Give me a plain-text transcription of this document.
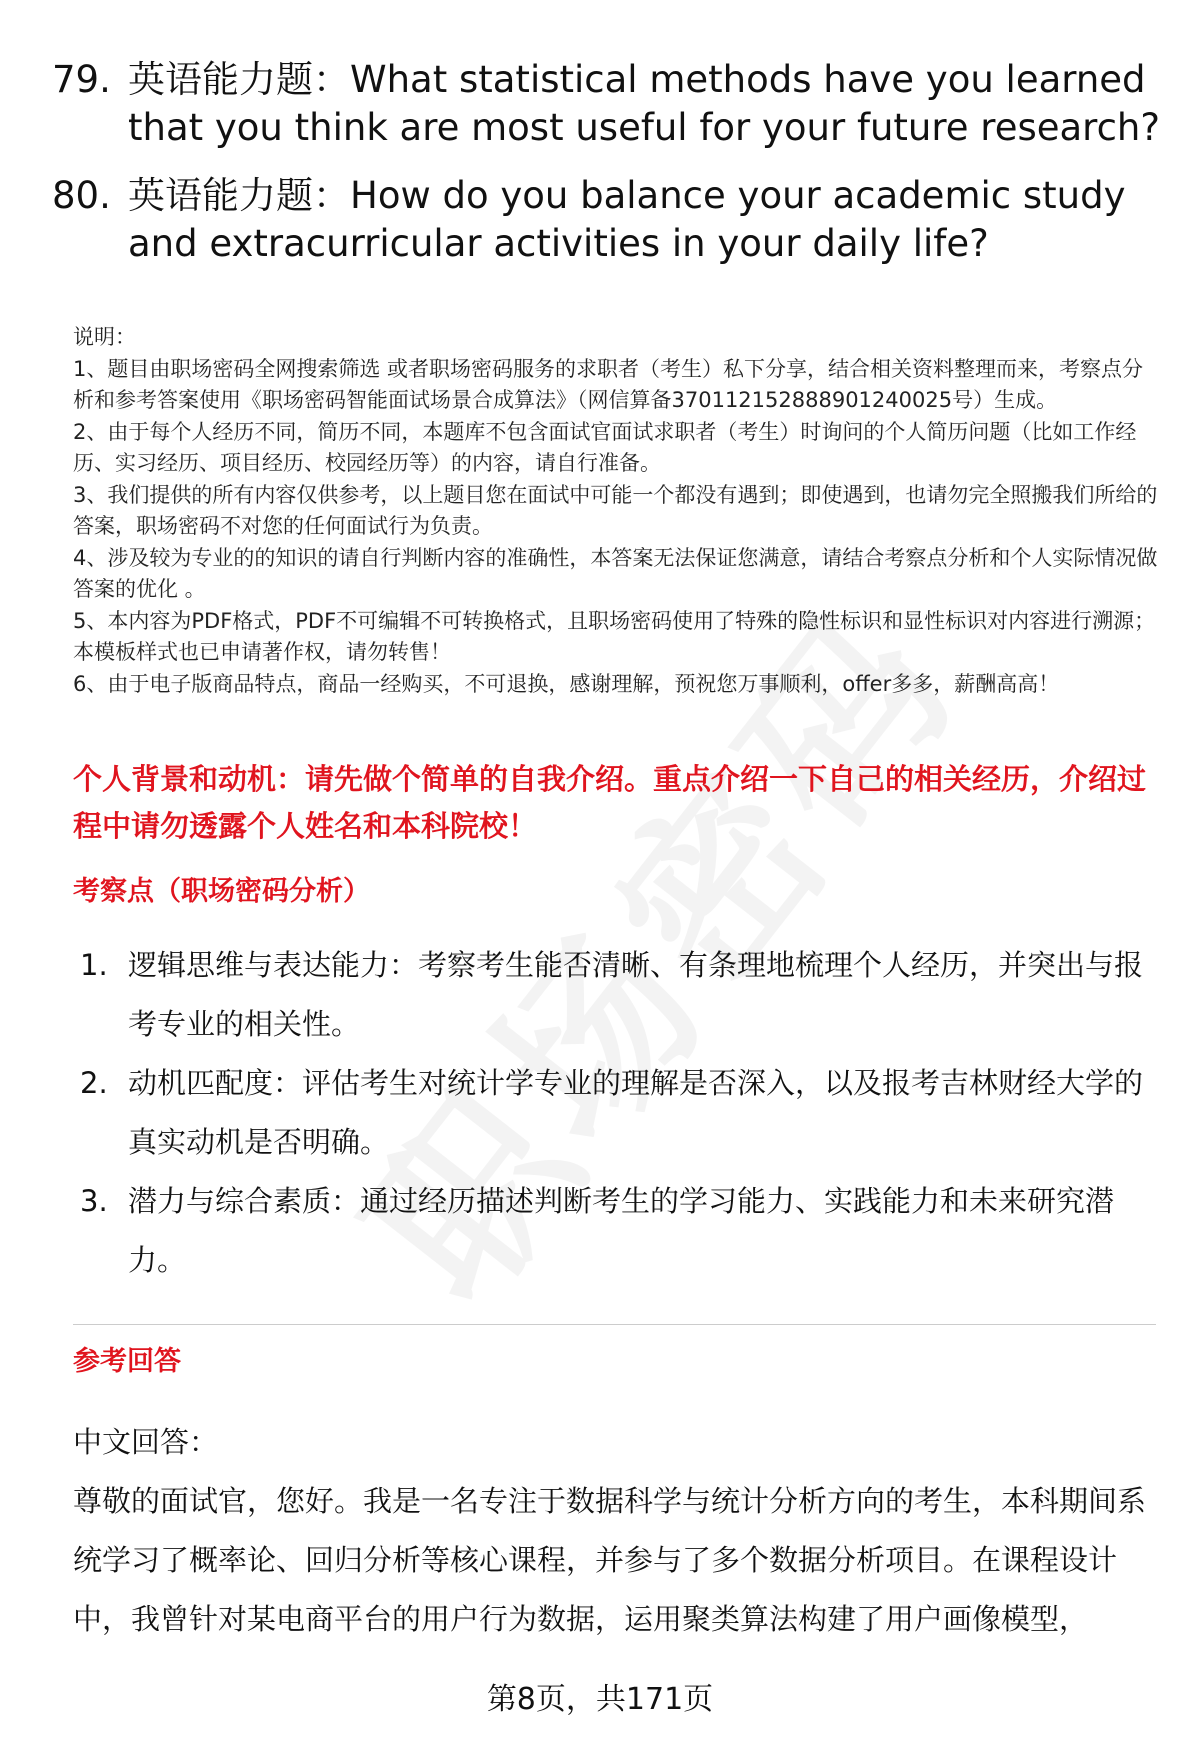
79. 英语能力题：What statistical methods have you learned that you think are most useful for your future research?
80. 英语能力题：How do you balance your academic study and extracurricular activities in your daily life?

说明：

1、题目由职场密码全网搜索筛选 或者职场密码服务的求职者（考生）私下分享，结合相关资料整理而来，考察点分析和参考答案使用《职场密码智能面试场景合成算法》（网信算备370112152888901240025号）生成。

2、由于每个人经历不同，简历不同，本题库不包含面试官面试求职者（考生）时询问的个人简历问题（比如工作经历、实习经历、项目经历、校园经历等）的内容，请自行准备。

3、我们提供的所有内容仅供参考，以上题目您在面试中可能一个都没有遇到；即使遇到，也请勿完全照搬我们所给的答案，职场密码不对您的任何面试行为负责。

4、涉及较为专业的的知识的请自行判断内容的准确性，本答案无法保证您满意，请结合考察点分析和个人实际情况做答案的优化 。

5、本内容为PDF格式，PDF不可编辑不可转换格式，且职场密码使用了特殊的隐性标识和显性标识对内容进行溯源；本模板样式也已申请著作权，请勿转售！

6、由于电子版商品特点，商品一经购买，不可退换，感谢理解，预祝您万事顺利，offer多多，薪酬高高！

个人背景和动机：请先做个简单的自我介绍。重点介绍一下自己的相关经历，介绍过程中请勿透露个人姓名和本科院校！
考察点（职场密码分析）
1. 逻辑思维与表达能力：考察考生能否清晰、有条理地梳理个人经历，并突出与报考专业的相关性。
2. 动机匹配度：评估考生对统计学专业的理解是否深入，以及报考吉林财经大学的真实动机是否明确。
3. 潜力与综合素质：通过经历描述判断考生的学习能力、实践能力和未来研究潜力。
参考回答

中文回答：

尊敬的面试官，您好。我是一名专注于数据科学与统计分析方向的考生，本科期间系统学习了概率论、回归分析等核心课程，并参与了多个数据分析项目。在课程设计中，我曾针对某电商平台的用户行为数据，运用聚类算法构建了用户画像模型，

第8页，共171页
